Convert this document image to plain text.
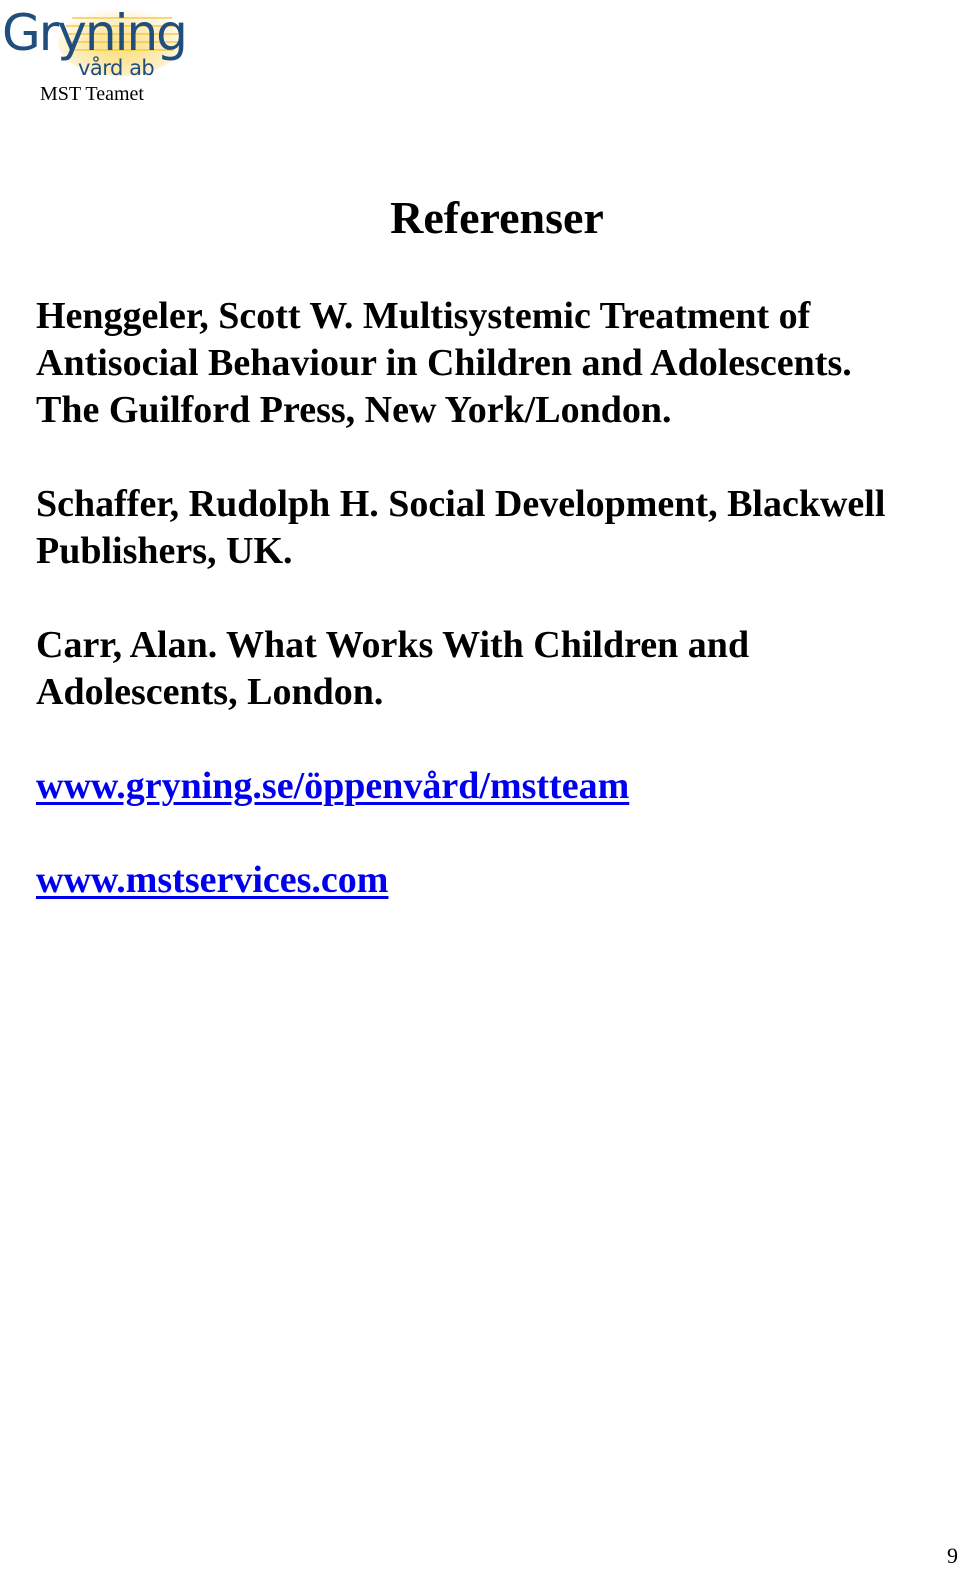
Gryning
vård ab
MST Teamet
Referenser

Henggeler, Scott W. Multisystemic Treatment of
Antisocial Behaviour in Children and Adolescents.
The Guilford Press, New York/London.

Schaffer, Rudolph H. Social Development, Blackwell
Publishers, UK.

Carr, Alan. What Works With Children and
Adolescents, London.

www.gryning.se/öppenvård/mstteam
www.mstservices.com
9
